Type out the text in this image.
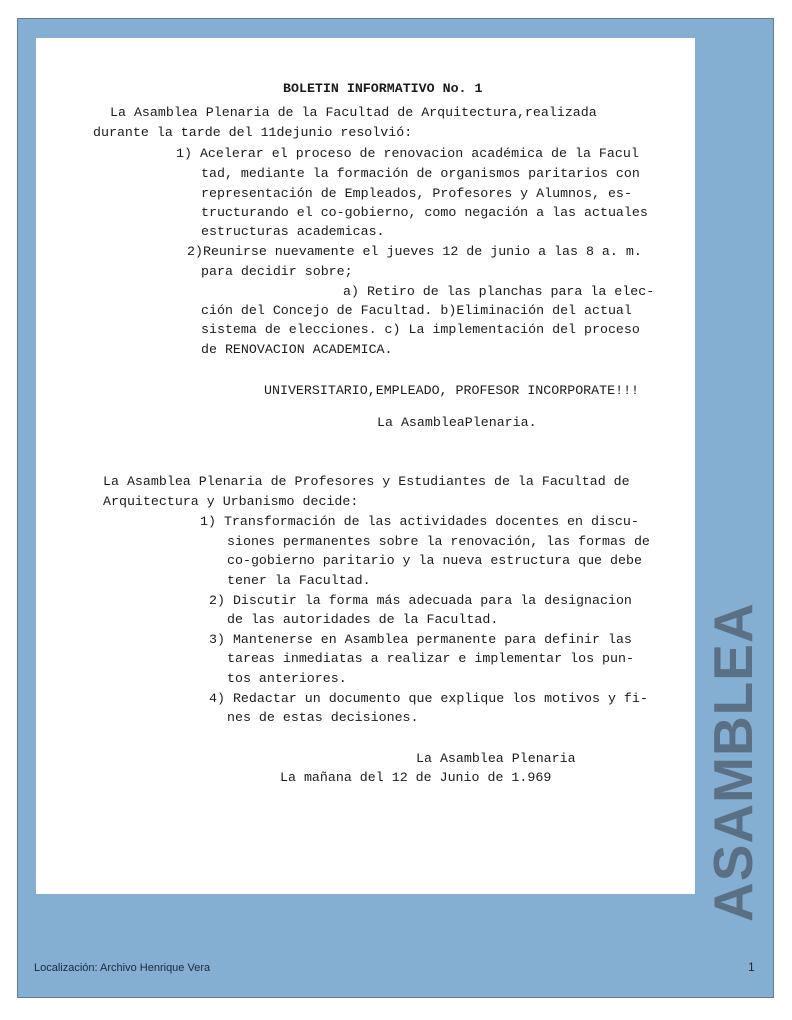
BOLETIN INFORMATIVO No. 1
La Asamblea Plenaria de la Facultad de Arquitectura,realizada
durante la tarde del 11dejunio resolvió:
1) Acelerar el proceso de renovacion académica de la Facul
tad, mediante la formación de organismos paritarios con
representación de Empleados, Profesores y Alumnos, es-
tructurando el co-gobierno, como negación a las actuales
estructuras academicas.
2)Reunirse nuevamente el jueves 12 de junio a las 8 a. m.
para decidir sobre;
a) Retiro de las planchas para la elec-
ción del Concejo de Facultad. b)Eliminación del actual
sistema de elecciones. c) La implementación del proceso
de RENOVACION ACADEMICA.
UNIVERSITARIO,EMPLEADO, PROFESOR INCORPORATE!!!
La AsambleaPlenaria.
La Asamblea Plenaria de Profesores y Estudiantes de la Facultad de
Arquitectura y Urbanismo decide:
1) Transformación de las actividades docentes en discu-
siones permanentes sobre la renovación, las formas de
co-gobierno paritario y la nueva estructura que debe
tener la Facultad.
2) Discutir la forma más adecuada para la designacion
de las autoridades de la Facultad.
3) Mantenerse en Asamblea permanente para definir las
tareas inmediatas a realizar e implementar los pun-
tos anteriores.
4) Redactar un documento que explique los motivos y fi-
nes de estas decisiones.
La Asamblea Plenaria
La mañana del 12 de Junio de 1.969	ASAMBLEA
Localización: Archivo Henrique Vera	1
